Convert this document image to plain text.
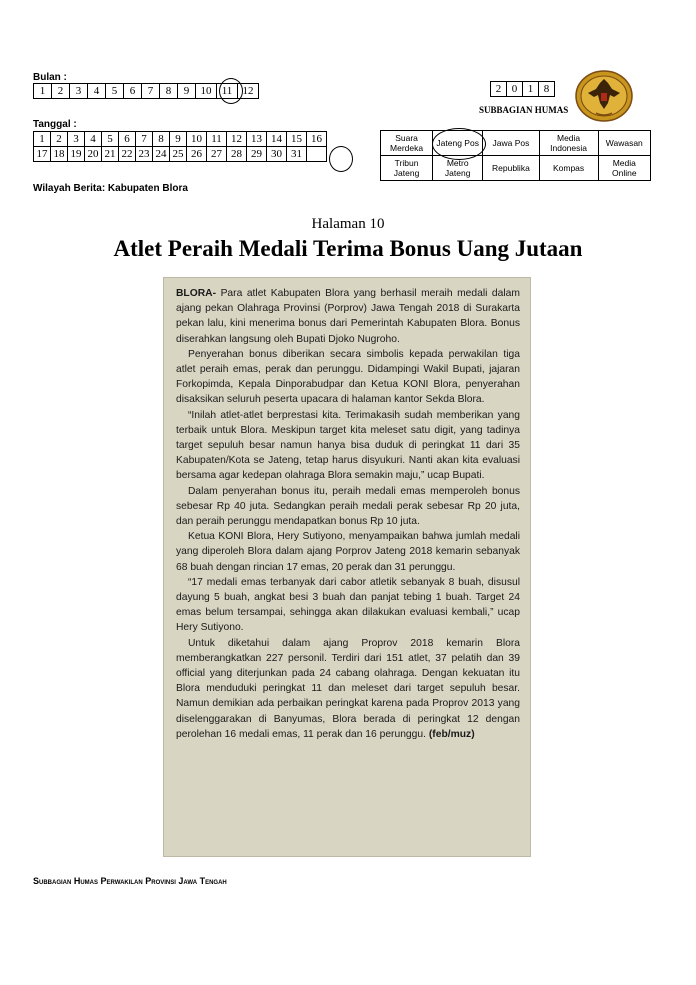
Bulan :
1	2	3	4	5	6	7	8	9	10	11	12
Tanggal :
1	2	3	4	5	6	7	8	9	10	11	12	13	14	15	16
17	18	19	20	21	22	23	24	25	26	27	28	29	30	31	
2	0	1	8
SUBBAGIAN HUMAS
Suara Merdeka	Jateng Pos	Jawa Pos	Media Indonesia	Wawasan
Tribun Jateng	Metro Jateng	Republika	Kompas	Media Online
Wilayah Berita: Kabupaten Blora
Halaman 10
Atlet Peraih Medali Terima Bonus Uang Jutaan

BLORA- Para atlet Kabupaten Blora yang berhasil meraih medali dalam ajang pekan Olahraga Provinsi (Porprov) Jawa Tengah 2018 di Surakarta pekan lalu, kini menerima bonus dari Pemerintah Kabupaten Blora. Bonus diserahkan langsung oleh Bupati Djoko Nugroho.

Penyerahan bonus diberikan secara simbolis kepada perwakilan tiga atlet peraih emas, perak dan perunggu. Didampingi Wakil Bupati, jajaran Forkopimda, Kepala Dinporabudpar dan Ketua KONI Blora, penyerahan disaksikan seluruh peserta upacara di halaman kantor Sekda Blora.

“Inilah atlet-atlet berprestasi kita. Terimakasih sudah memberikan yang terbaik untuk Blora. Meskipun target kita meleset satu digit, yang tadinya target sepuluh besar namun hanya bisa duduk di peringkat 11 dari 35 Kabupaten/Kota se Jateng, tetap harus disyukuri. Nanti akan kita evaluasi bersama agar kedepan olahraga Blora semakin maju,” ucap Bupati.

Dalam penyerahan bonus itu, peraih medali emas memperoleh bonus sebesar Rp 40 juta. Sedangkan peraih medali perak sebesar Rp 20 juta, dan peraih perunggu mendapatkan bonus Rp 10 juta.

Ketua KONI Blora, Hery Sutiyono, menyampaikan bahwa jumlah medali yang diperoleh Blora dalam ajang Porprov Jateng 2018 kemarin sebanyak 68 buah dengan rincian 17 emas, 20 perak dan 31 perunggu.

“17 medali emas terbanyak dari cabor atletik sebanyak 8 buah, disusul dayung 5 buah, angkat besi 3 buah dan panjat tebing 1 buah. Target 24 emas belum tersampai, sehingga akan dilakukan evaluasi kembali,” ucap Hery Sutiyono.

Untuk diketahui dalam ajang Proprov 2018 kemarin Blora memberangkatkan 227 personil. Terdiri dari 151 atlet, 37 pelatih dan 39 official yang diterjunkan pada 24 cabang olahraga. Dengan kekuatan itu Blora menduduki peringkat 11 dan meleset dari target sepuluh besar. Namun demikian ada perbaikan peringkat karena pada Proprov 2013 yang diselenggarakan di Banyumas, Blora berada di peringkat 12 dengan perolehan 16 medali emas, 11 perak dan 16 perunggu. (feb/muz)

Subbagian Humas Perwakilan Provinsi Jawa Tengah
